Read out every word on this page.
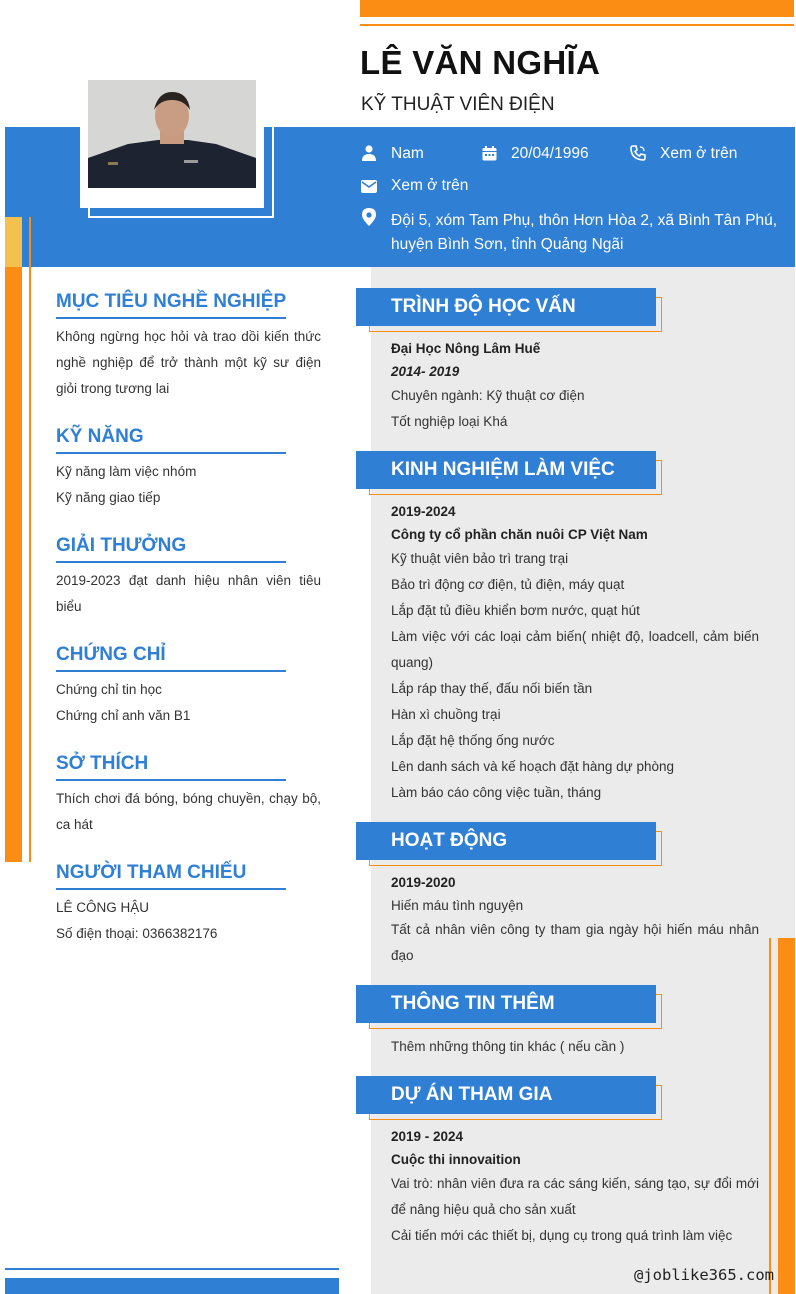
LÊ VĂN NGHĨA
KỸ THUẬT VIÊN ĐIỆN
Nam	20/04/1996	Xem ở trên
Xem ở trên
Đội 5, xóm Tam Phụ, thôn Hơn Hòa 2, xã Bình Tân Phú,
huyện Bình Sơn, tỉnh Quảng Ngãi
MỤC TIÊU NGHỀ NGHIỆP
Không ngừng học hỏi và trao dồi kiến thức nghề nghiệp để trở thành một kỹ sư điện giỏi trong tương lai
KỸ NĂNG
Kỹ năng làm việc nhóm
Kỹ năng giao tiếp
GIẢI THƯỞNG
2019-2023 đạt danh hiệu nhân viên tiêu biểu
CHỨNG CHỈ
Chứng chỉ tin học
Chứng chỉ anh văn B1
SỞ THÍCH
Thích chơi đá bóng, bóng chuyền, chạy bộ, ca hát
NGƯỜI THAM CHIẾU
LÊ CÔNG HẬU
Số điện thoại: 0366382176
TRÌNH ĐỘ HỌC VẤN
Đại Học Nông Lâm Huế
2014- 2019
Chuyên ngành: Kỹ thuật cơ điện
Tốt nghiệp loại Khá
KINH NGHIỆM LÀM VIỆC
2019-2024
Công ty cổ phần chăn nuôi CP Việt Nam
Kỹ thuật viên bảo trì trang trại
Bảo trì động cơ điện, tủ điện, máy quạt
Lắp đặt tủ điều khiển bơm nước, quạt hút
Làm việc với các loại cảm biến( nhiệt độ, loadcell, cảm biến quang)
Lắp ráp thay thế, đấu nối biến tần
Hàn xì chuồng trại
Lắp đặt hệ thống ống nước
Lên danh sách và kế hoạch đặt hàng dự phòng
Làm báo cáo công việc tuần, tháng
HOẠT ĐỘNG
2019-2020
Hiến máu tình nguyện
Tất cả nhân viên công ty tham gia ngày hội hiến máu nhân đạo
THÔNG TIN THÊM
Thêm những thông tin khác ( nếu cần )
DỰ ÁN THAM GIA
2019 - 2024
Cuộc thi innovaition
Vai trò: nhân viên đưa ra các sáng kiến, sáng tạo, sự đổi mới để nâng hiệu quả cho sản xuất
Cải tiến mới các thiết bị, dụng cụ trong quá trình làm việc
@joblike365.com
